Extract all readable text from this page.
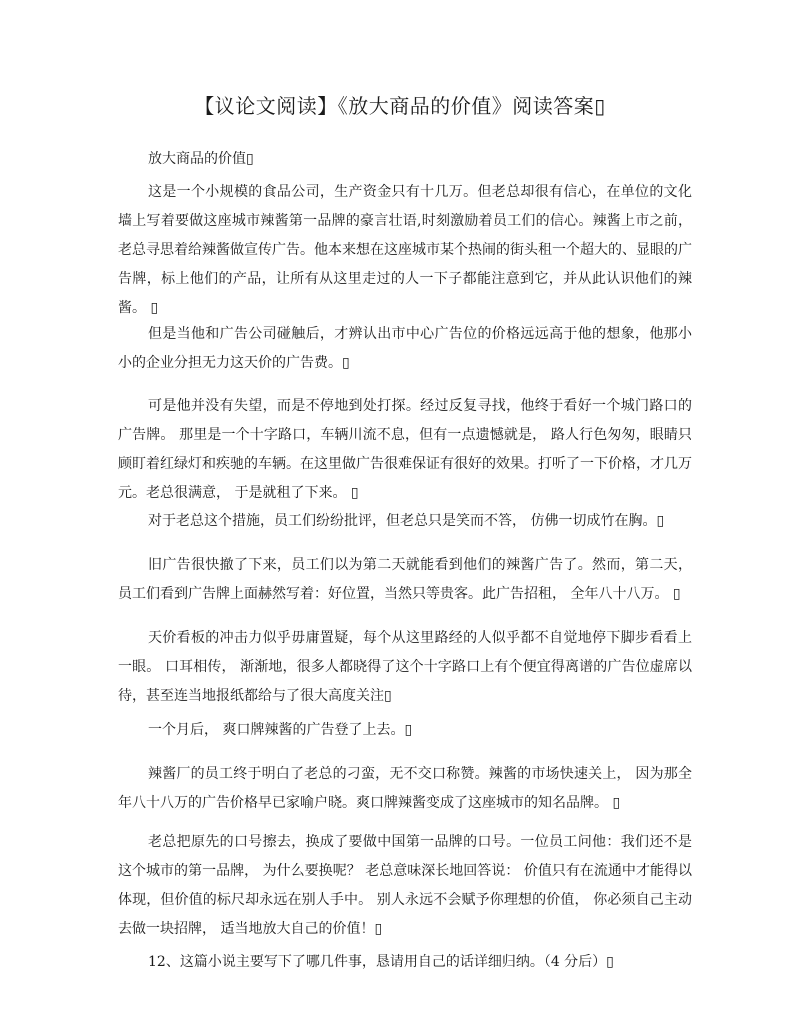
【议论文阅读】《放大商品的价值》阅读答案▯
放大商品的价值▯

这是一个小规模的食品公司，生产资金只有十几万。但老总却很有信心，在单位的文化墙上写着要做这座城市辣酱第一品牌的豪言壮语,时刻激励着员工们的信心。辣酱上市之前，老总寻思着给辣酱做宣传广告。他本来想在这座城市某个热闹的街头租一个超大的、显眼的广告牌，标上他们的产品，让所有从这里走过的人一下子都能注意到它，并从此认识他们的辣酱。 ▯

但是当他和广告公司碰触后，才辨认出市中心广告位的价格远远高于他的想象，他那小小的企业分担无力这天价的广告费。▯

可是他并没有失望，而是不停地到处打探。经过反复寻找，他终于看好一个城门路口的广告牌。 那里是一个十字路口，车辆川流不息，但有一点遗憾就是， 路人行色匆匆，眼睛只顾盯着红绿灯和疾驰的车辆。在这里做广告很难保证有很好的效果。打听了一下价格，才几万元。老总很满意， 于是就租了下来。 ▯

对于老总这个措施，员工们纷纷批评，但老总只是笑而不答， 仿佛一切成竹在胸。▯

旧广告很快撤了下来，员工们以为第二天就能看到他们的辣酱广告了。然而，第二天，员工们看到广告牌上面赫然写着：好位置，当然只等贵客。此广告招租， 全年八十八万。 ▯

天价看板的冲击力似乎毋庸置疑，每个从这里路经的人似乎都不自觉地停下脚步看看上一眼。 口耳相传， 渐渐地，很多人都晓得了这个十字路口上有个便宜得离谱的广告位虚席以待，甚至连当地报纸都给与了很大高度关注▯

一个月后， 爽口牌辣酱的广告登了上去。▯

辣酱厂的员工终于明白了老总的刁蛮，无不交口称赞。辣酱的市场快速关上， 因为那全年八十八万的广告价格早已家喻户晓。爽口牌辣酱变成了这座城市的知名品牌。 ▯

老总把原先的口号擦去，换成了要做中国第一品牌的口号。一位员工问他：我们还不是这个城市的第一品牌， 为什么要换呢？ 老总意味深长地回答说： 价值只有在流通中才能得以体现，但价值的标尺却永远在别人手中。 别人永远不会赋予你理想的价值， 你必须自己主动去做一块招牌， 适当地放大自己的价值！▯

12、这篇小说主要写下了哪几件事，恳请用自己的话详细归纳。（4 分后）▯
